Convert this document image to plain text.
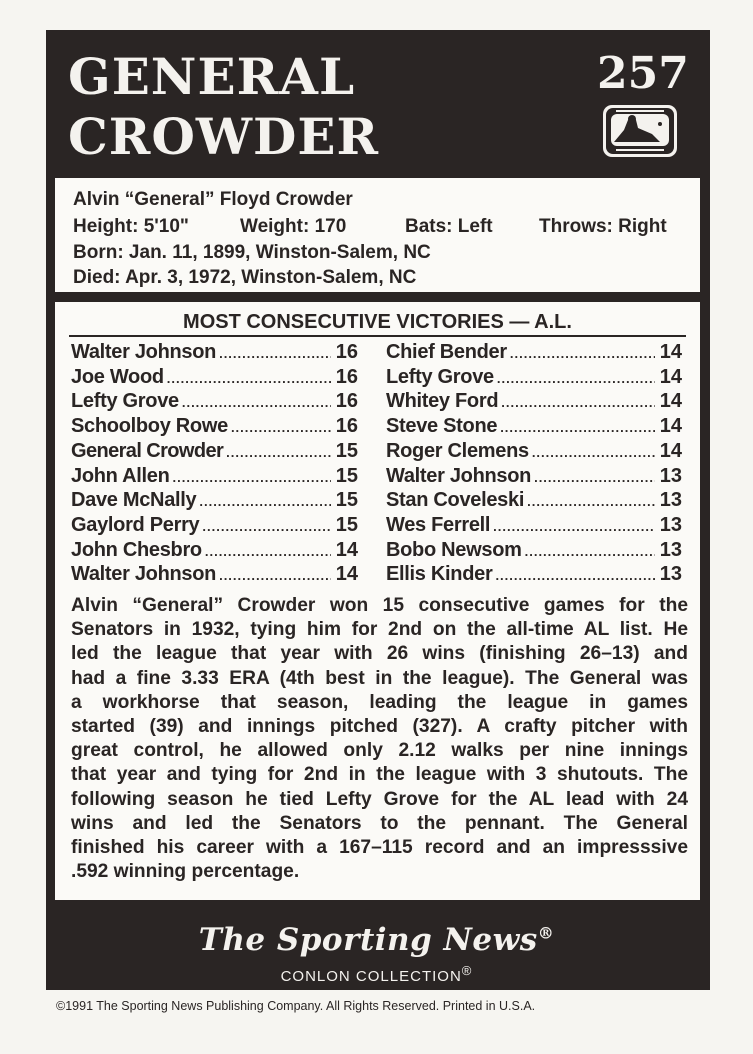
GENERAL
CROWDER
257
Alvin “General” Floyd Crowder
Height: 5'10"	Weight: 170	Bats: Left Throws: Right
Born: Jan. 11, 1899, Winston-Salem, NC
Died: Apr. 3, 1972, Winston-Salem, NC
MOST CONSECUTIVE VICTORIES — A.L.
Walter Johnson .....	16
Joe Wood .....	16
Lefty Grove .....	16
Schoolboy Rowe .....	16
General Crowder .....	15
John Allen .....	15
Dave McNally .....	15
Gaylord Perry .....	15
John Chesbro .....	14
Walter Johnson .....	14
Chief Bender .....	14
Lefty Grove .....	14
Whitey Ford .....	14
Steve Stone .....	14
Roger Clemens .....	14
Walter Johnson .....	13
Stan Coveleski .....	13
Wes Ferrell .....	13
Bobo Newsom .....	13
Ellis Kinder .....	13
Alvin “General” Crowder won 15 consecutive games for the
Senators in 1932, tying him for 2nd on the all-time AL list. He
led the league that year with 26 wins (finishing 26–13) and
had a fine 3.33 ERA (4th best in the league). The General was
a workhorse that season, leading the league in games
started (39) and innings pitched (327). A crafty pitcher with
great control, he allowed only 2.12 walks per nine innings
that year and tying for 2nd in the league with 3 shutouts. The
following season he tied Lefty Grove for the AL lead with 24
wins and led the Senators to the pennant. The General
finished his career with a 167–115 record and an impresssive
.592 winning percentage.
The Sporting News®
CONLON COLLECTION®
©1991 The Sporting News Publishing Company. All Rights Reserved. Printed in U.S.A.
